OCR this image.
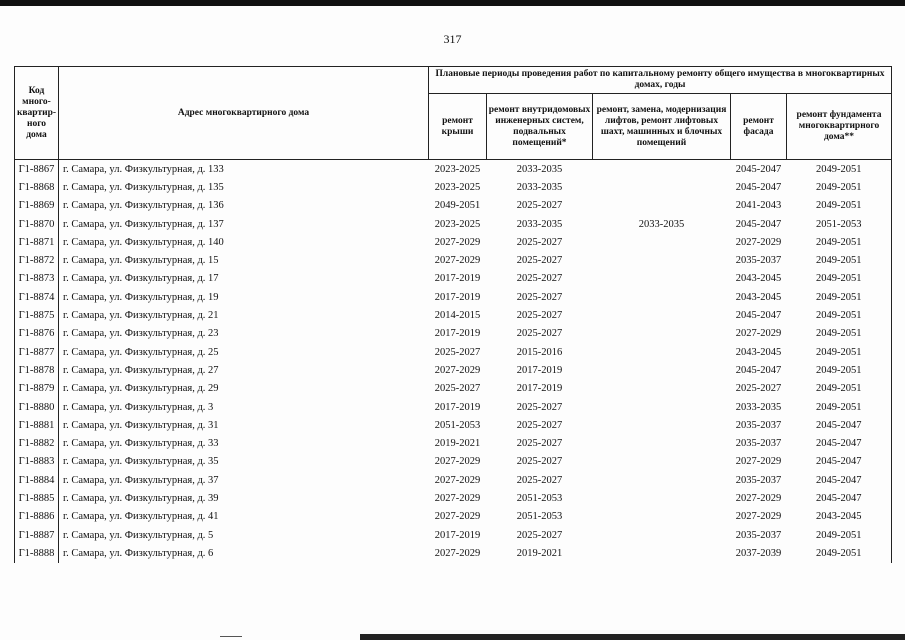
317
Код много-квартир-ного дома	Адрес многоквартирного дома	Плановые периоды проведения работ по капитальному ремонту общего имущества в многоквартирных домах, годы				
		ремонт крыши	ремонт внутридомовых инженерных систем, подвальных помещений*	ремонт, замена, модернизация лифтов, ремонт лифтовых шахт, машинных и блочных помещений	ремонт фасада	ремонт фундамента многоквартирного дома**
Г1-8867	г. Самара, ул. Физкультурная, д. 133	2023-2025	2033-2035		2045-2047	2049-2051
Г1-8868	г. Самара, ул. Физкультурная, д. 135	2023-2025	2033-2035		2045-2047	2049-2051
Г1-8869	г. Самара, ул. Физкультурная, д. 136	2049-2051	2025-2027		2041-2043	2049-2051
Г1-8870	г. Самара, ул. Физкультурная, д. 137	2023-2025	2033-2035	2033-2035	2045-2047	2051-2053
Г1-8871	г. Самара, ул. Физкультурная, д. 140	2027-2029	2025-2027		2027-2029	2049-2051
Г1-8872	г. Самара, ул. Физкультурная, д. 15	2027-2029	2025-2027		2035-2037	2049-2051
Г1-8873	г. Самара, ул. Физкультурная, д. 17	2017-2019	2025-2027		2043-2045	2049-2051
Г1-8874	г. Самара, ул. Физкультурная, д. 19	2017-2019	2025-2027		2043-2045	2049-2051
Г1-8875	г. Самара, ул. Физкультурная, д. 21	2014-2015	2025-2027		2045-2047	2049-2051
Г1-8876	г. Самара, ул. Физкультурная, д. 23	2017-2019	2025-2027		2027-2029	2049-2051
Г1-8877	г. Самара, ул. Физкультурная, д. 25	2025-2027	2015-2016		2043-2045	2049-2051
Г1-8878	г. Самара, ул. Физкультурная, д. 27	2027-2029	2017-2019		2045-2047	2049-2051
Г1-8879	г. Самара, ул. Физкультурная, д. 29	2025-2027	2017-2019		2025-2027	2049-2051
Г1-8880	г. Самара, ул. Физкультурная, д. 3	2017-2019	2025-2027		2033-2035	2049-2051
Г1-8881	г. Самара, ул. Физкультурная, д. 31	2051-2053	2025-2027		2035-2037	2045-2047
Г1-8882	г. Самара, ул. Физкультурная, д. 33	2019-2021	2025-2027		2035-2037	2045-2047
Г1-8883	г. Самара, ул. Физкультурная, д. 35	2027-2029	2025-2027		2027-2029	2045-2047
Г1-8884	г. Самара, ул. Физкультурная, д. 37	2027-2029	2025-2027		2035-2037	2045-2047
Г1-8885	г. Самара, ул. Физкультурная, д. 39	2027-2029	2051-2053		2027-2029	2045-2047
Г1-8886	г. Самара, ул. Физкультурная, д. 41	2027-2029	2051-2053		2027-2029	2043-2045
Г1-8887	г. Самара, ул. Физкультурная, д. 5	2017-2019	2025-2027		2035-2037	2049-2051
Г1-8888	г. Самара, ул. Физкультурная, д. 6	2027-2029	2019-2021		2037-2039	2049-2051
